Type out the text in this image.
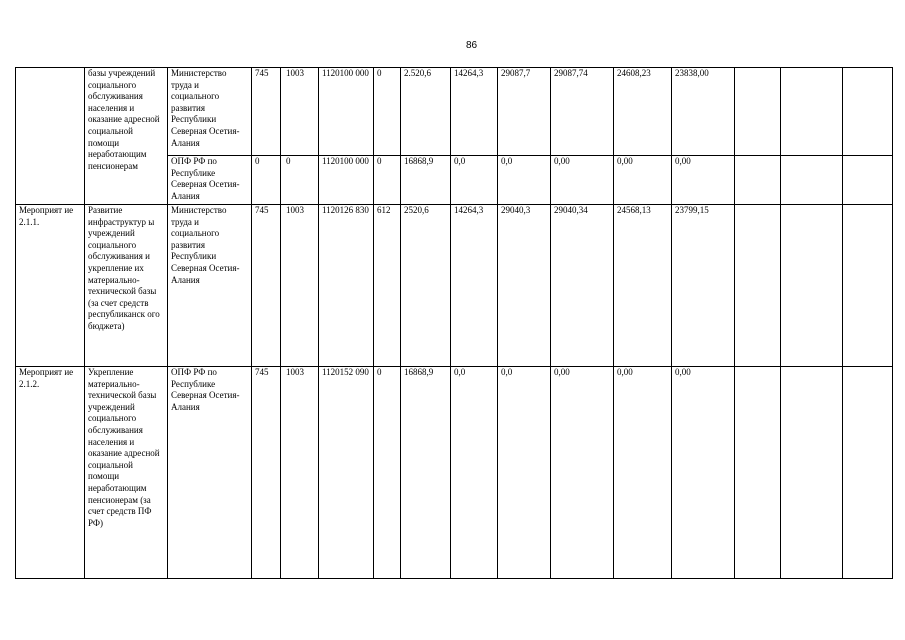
86
	базы учреждений социального обслуживания населения и оказание адресной социальной помощи неработающим пенсионерам	Министерство труда и социального развития Республики Северная Осетия-Алания	745	1003	1120100 000	0	2.520,6	14264,3	29087,7	29087,74	24608,23	23838,00			
		ОПФ РФ по Республике Северная Осетия-Алания	0	0	1120100 000	0	16868,9	0,0	0,0	0,00	0,00	0,00			
Мероприят ие 2.1.1.	Развитие инфраструктур ы учреждений социального обслуживания и укрепление их материально-технической базы (за счет средств республиканск ого бюджета)	Министерство труда и социального развития Республики Северная Осетия-Алания	745	1003	1120126 830	612	2520,6	14264,3	29040,3	29040,34	24568,13	23799,15			
Мероприят ие 2.1.2.	Укрепление материально-технической базы учреждений социального обслуживания населения и оказание адресной социальной помощи неработающим пенсионерам (за счет средств ПФ РФ)	ОПФ РФ по Республике Северная Осетия-Алания	745	1003	1120152 090	0	16868,9	0,0	0,0	0,00	0,00	0,00			
